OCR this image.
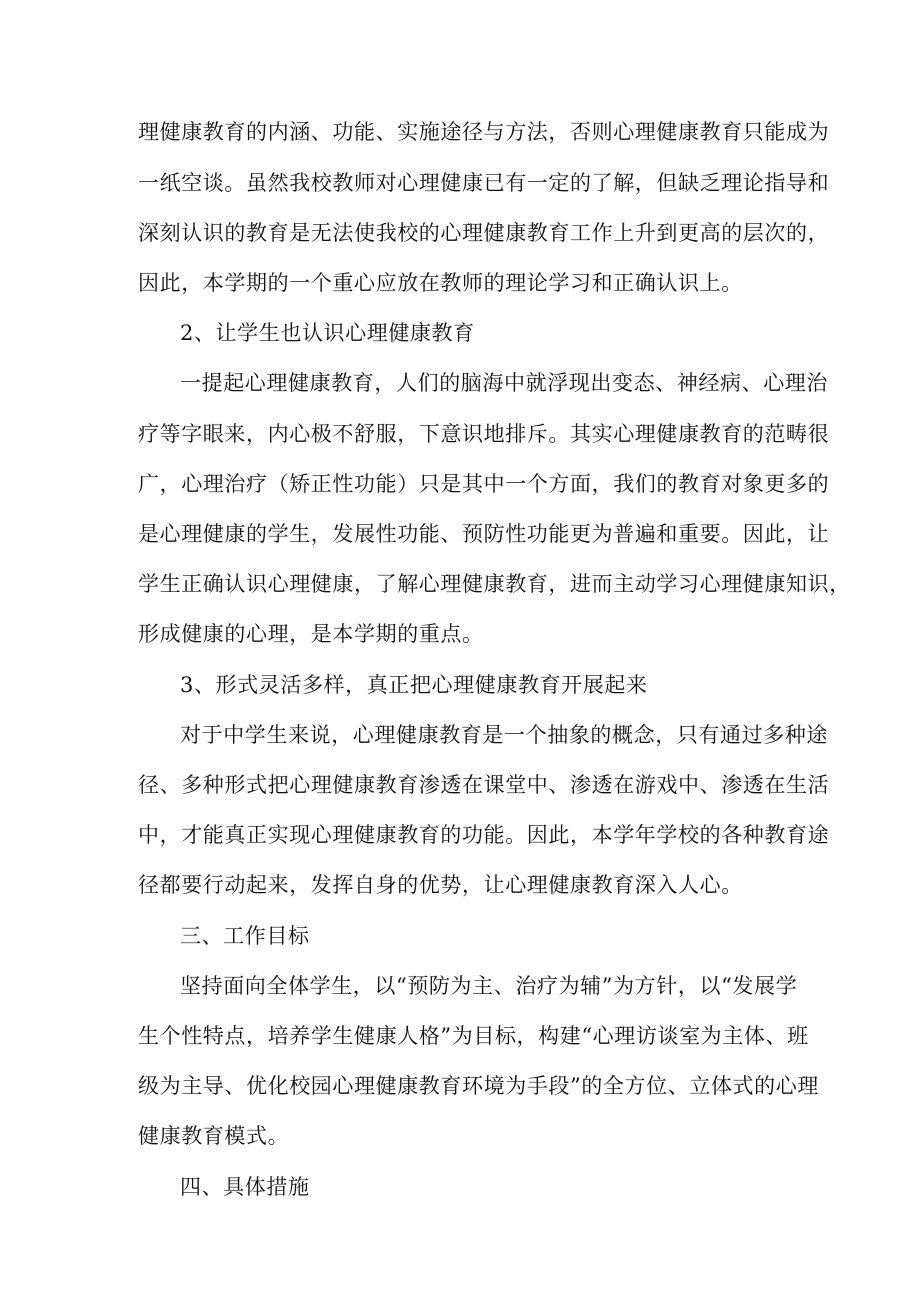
理健康教育的内涵、功能、实施途径与方法，否则心理健康教育只能成为
一纸空谈。虽然我校教师对心理健康已有一定的了解，但缺乏理论指导和
深刻认识的教育是无法使我校的心理健康教育工作上升到更高的层次的，
因此，本学期的一个重心应放在教师的理论学习和正确认识上。
2、让学生也认识心理健康教育
一提起心理健康教育，人们的脑海中就浮现出变态、神经病、心理治
疗等字眼来，内心极不舒服，下意识地排斥。其实心理健康教育的范畴很
广，心理治疗（矫正性功能）只是其中一个方面，我们的教育对象更多的
是心理健康的学生，发展性功能、预防性功能更为普遍和重要。因此，让
学生正确认识心理健康，了解心理健康教育，进而主动学习心理健康知识，
形成健康的心理，是本学期的重点。
3、形式灵活多样，真正把心理健康教育开展起来
对于中学生来说，心理健康教育是一个抽象的概念，只有通过多种途
径、多种形式把心理健康教育渗透在课堂中、渗透在游戏中、渗透在生活
中，才能真正实现心理健康教育的功能。因此，本学年学校的各种教育途
径都要行动起来，发挥自身的优势，让心理健康教育深入人心。
三、工作目标
坚持面向全体学生，以“预防为主、治疗为辅”为方针，以“发展学
生个性特点，培养学生健康人格”为目标，构建“心理访谈室为主体、班
级为主导、优化校园心理健康教育环境为手段”的全方位、立体式的心理
健康教育模式。
四、具体措施
